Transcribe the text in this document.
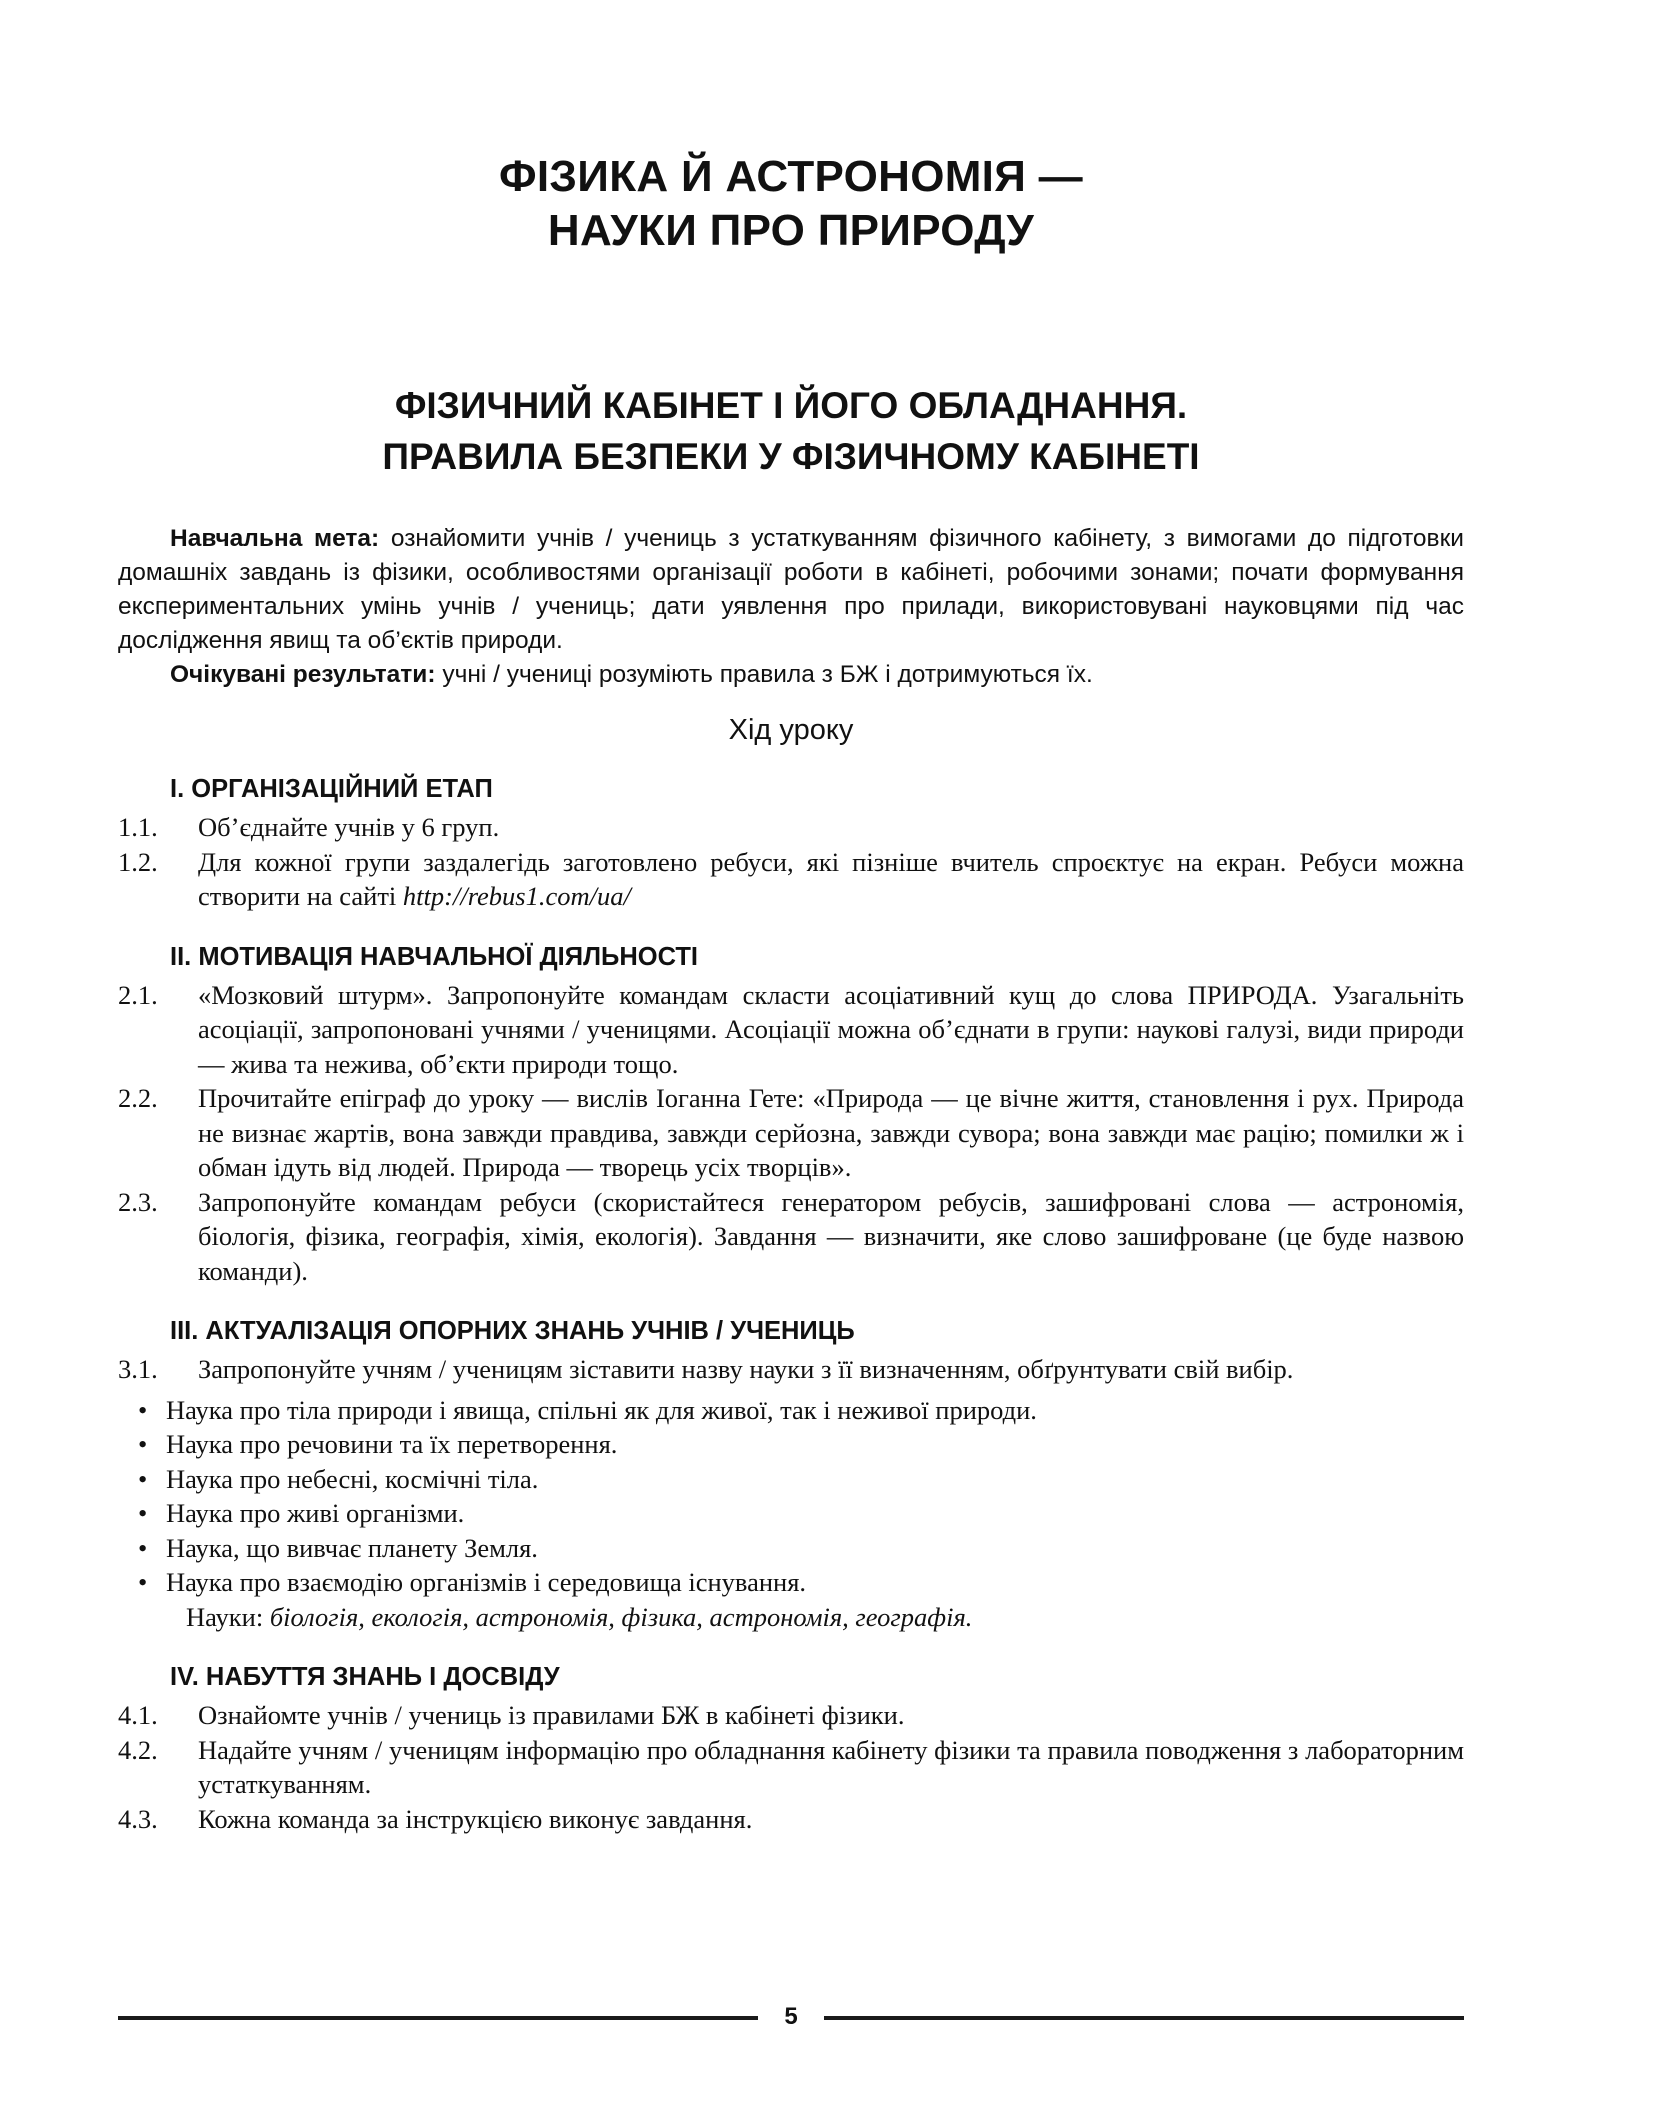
ФІЗИКА Й АСТРОНОМІЯ —
НАУКИ ПРО ПРИРОДУ
ФІЗИЧНИЙ КАБІНЕТ І ЙОГО ОБЛАДНАННЯ.
ПРАВИЛА БЕЗПЕКИ У ФІЗИЧНОМУ КАБІНЕТІ

Навчальна мета: ознайомити учнів / учениць з устаткуванням фізичного кабінету, з вимогами до підготовки домашніх завдань із фізики, особливостями організації роботи в кабінеті, робочими зонами; почати формування експериментальних умінь учнів / учениць; дати уявлення про прилади, використовувані науковцями під час дослідження явищ та об’єктів природи.

Очікувані результати: учні / учениці розуміють правила з БЖ і дотримуються їх.

Хід уроку
I. ОРГАНІЗАЦІЙНИЙ ЕТАП
1.1.	Об’єднайте учнів у 6 груп.
1.2.	Для кожної групи заздалегідь заготовлено ребуси, які пізніше вчитель спроєктує на екран. Ребуси можна створити на сайті http://rebus1.com/ua/
II. МОТИВАЦІЯ НАВЧАЛЬНОЇ ДІЯЛЬНОСТІ
2.1.	«Мозковий штурм». Запропонуйте командам скласти асоціативний кущ до слова ПРИРОДА. Узагальніть асоціації, запропоновані учнями / ученицями. Асоціації можна об’єднати в групи: наукові галузі, види природи — жива та нежива, об’єкти природи тощо.
2.2.	Прочитайте епіграф до уроку — вислів Іоганна Гете: «Природа — це вічне життя, становлення і рух. Природа не визнає жартів, вона завжди правдива, завжди серйозна, завжди сувора; вона завжди має рацію; помилки ж і обман ідуть від людей. Природа — творець усіх творців».
2.3.	Запропонуйте командам ребуси (скористайтеся генератором ребусів, зашифровані слова — астрономія, біологія, фізика, географія, хімія, екологія). Завдання — визначити, яке слово зашифроване (це буде назвою команди).
III. АКТУАЛІЗАЦІЯ ОПОРНИХ ЗНАНЬ УЧНІВ / УЧЕНИЦЬ
3.1.	Запропонуйте учням / ученицям зіставити назву науки з її визначенням, обґрунтувати свій вибір.
• Наука про тіла природи і явища, спільні як для живої, так і неживої природи.
• Наука про речовини та їх перетворення.
• Наука про небесні, космічні тіла.
• Наука про живі організми.
• Наука, що вивчає планету Земля.
• Наука про взаємодію організмів і середовища існування.
Науки: біологія, екологія, астрономія, фізика, астрономія, географія.
IV. НАБУТТЯ ЗНАНЬ І ДОСВІДУ
4.1.	Ознайомте учнів / учениць із правилами БЖ в кабінеті фізики.
4.2.	Надайте учням / ученицям інформацію про обладнання кабінету фізики та правила поводження з лабораторним устаткуванням.
4.3.	Кожна команда за інструкцією виконує завдання.
5
